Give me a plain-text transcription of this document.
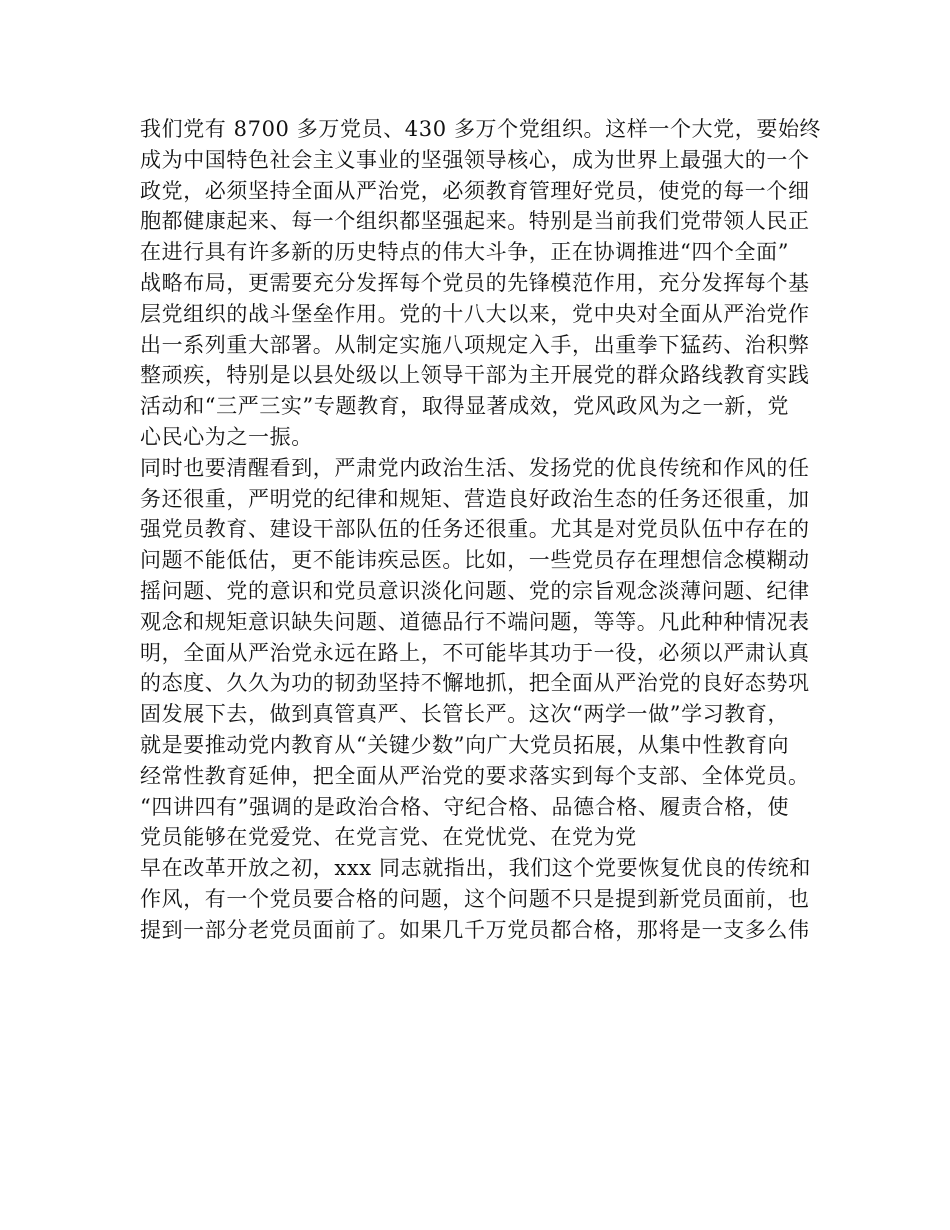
我们党有 8700 多万党员、430 多万个党组织。这样一个大党，要始终
成为中国特色社会主义事业的坚强领导核心，成为世界上最强大的一个
政党，必须坚持全面从严治党，必须教育管理好党员，使党的每一个细
胞都健康起来、每一个组织都坚强起来。特别是当前我们党带领人民正
在进行具有许多新的历史特点的伟大斗争，正在协调推进“四个全面”
战略布局，更需要充分发挥每个党员的先锋模范作用，充分发挥每个基
层党组织的战斗堡垒作用。党的十八大以来，党中央对全面从严治党作
出一系列重大部署。从制定实施八项规定入手，出重拳下猛药、治积弊
整顽疾，特别是以县处级以上领导干部为主开展党的群众路线教育实践
活动和“三严三实”专题教育，取得显著成效，党风政风为之一新，党
心民心为之一振。
同时也要清醒看到，严肃党内政治生活、发扬党的优良传统和作风的任
务还很重，严明党的纪律和规矩、营造良好政治生态的任务还很重，加
强党员教育、建设干部队伍的任务还很重。尤其是对党员队伍中存在的
问题不能低估，更不能讳疾忌医。比如，一些党员存在理想信念模糊动
摇问题、党的意识和党员意识淡化问题、党的宗旨观念淡薄问题、纪律
观念和规矩意识缺失问题、道德品行不端问题，等等。凡此种种情况表
明，全面从严治党永远在路上，不可能毕其功于一役，必须以严肃认真
的态度、久久为功的韧劲坚持不懈地抓，把全面从严治党的良好态势巩
固发展下去，做到真管真严、长管长严。这次“两学一做”学习教育，
就是要推动党内教育从“关键少数”向广大党员拓展，从集中性教育向
经常性教育延伸，把全面从严治党的要求落实到每个支部、全体党员。
“四讲四有”强调的是政治合格、守纪合格、品德合格、履责合格，使
党员能够在党爱党、在党言党、在党忧党、在党为党
早在改革开放之初，xxx 同志就指出，我们这个党要恢复优良的传统和
作风，有一个党员要合格的问题，这个问题不只是提到新党员面前，也
提到一部分老党员面前了。如果几千万党员都合格，那将是一支多么伟
